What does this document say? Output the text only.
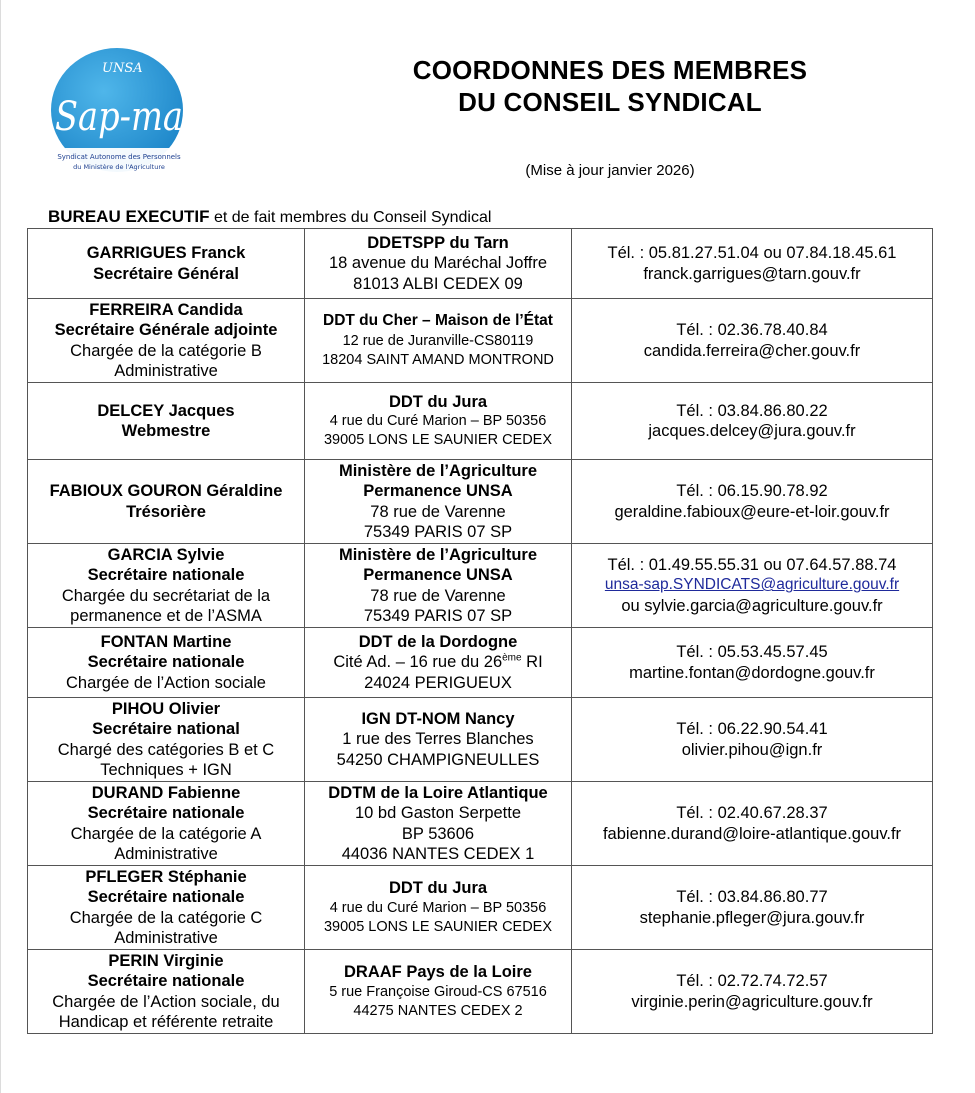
UNSA
Sap-ma
Syndicat Autonome des Personnels
du Ministère de l'Agriculture
COORDONNES DES MEMBRES
DU CONSEIL SYNDICAL
(Mise à jour janvier 2026)
BUREAU EXECUTIF et de fait membres du Conseil Syndical
GARRIGUES Franck
Secrétaire Général	DDETSPP du Tarn
18 avenue du Maréchal Joffre
81013 ALBI CEDEX 09	Tél. : 05.81.27.51.04 ou 07.84.18.45.61
franck.garrigues@tarn.gouv.fr

FERREIRA Candida
Secrétaire Générale adjointe
Chargée de la catégorie B Administrative	DDT du Cher – Maison de l’État
12 rue de Juranville-CS80119
18204 SAINT AMAND MONTROND	Tél. : 02.36.78.40.84
candida.ferreira@cher.gouv.fr

DELCEY Jacques
Webmestre	DDT du Jura
4 rue du Curé Marion – BP 50356
39005 LONS LE SAUNIER CEDEX	Tél. : 03.84.86.80.22
jacques.delcey@jura.gouv.fr

FABIOUX GOURON Géraldine
Trésorière	Ministère de l’Agriculture
Permanence UNSA
78 rue de Varenne
75349 PARIS 07 SP	Tél. : 06.15.90.78.92
geraldine.fabioux@eure-et-loir.gouv.fr

GARCIA Sylvie
Secrétaire nationale
Chargée du secrétariat de la permanence et de l’ASMA	Ministère de l’Agriculture
Permanence UNSA
78 rue de Varenne
75349 PARIS 07 SP	Tél. : 01.49.55.55.31 ou 07.64.57.88.74
unsa-sap.SYNDICATS@agriculture.gouv.fr
ou sylvie.garcia@agriculture.gouv.fr

FONTAN Martine
Secrétaire nationale
Chargée de l’Action sociale	DDT de la Dordogne
Cité Ad. – 16 rue du 26ème RI
24024 PERIGUEUX	Tél. : 05.53.45.57.45
martine.fontan@dordogne.gouv.fr

PIHOU Olivier
Secrétaire national
Chargé des catégories B et C Techniques + IGN	IGN DT-NOM Nancy
1 rue des Terres Blanches
54250 CHAMPIGNEULLES	Tél. : 06.22.90.54.41
olivier.pihou@ign.fr

DURAND Fabienne
Secrétaire nationale
Chargée de la catégorie A Administrative	DDTM de la Loire Atlantique
10 bd Gaston Serpette
BP 53606
44036 NANTES CEDEX 1	Tél. : 02.40.67.28.37
fabienne.durand@loire-atlantique.gouv.fr

PFLEGER Stéphanie
Secrétaire nationale
Chargée de la catégorie C Administrative	DDT du Jura
4 rue du Curé Marion – BP 50356
39005 LONS LE SAUNIER CEDEX	Tél. : 03.84.86.80.77
stephanie.pfleger@jura.gouv.fr

PERIN Virginie
Secrétaire nationale
Chargée de l’Action sociale, du Handicap et référente retraite	DRAAF Pays de la Loire
5 rue Françoise Giroud-CS 67516
44275 NANTES CEDEX 2	Tél. : 02.72.74.72.57
virginie.perin@agriculture.gouv.fr
